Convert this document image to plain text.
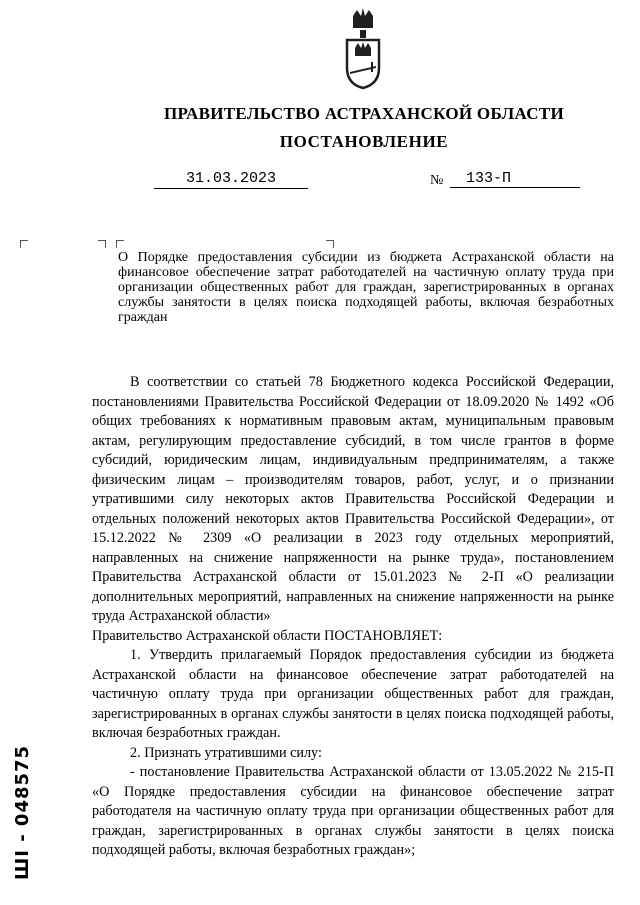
ПРАВИТЕЛЬСТВО АСТРАХАНСКОЙ ОБЛАСТИ
ПОСТАНОВЛЕНИЕ
31.03.2023	№	133-П
О Порядке предоставления субсидии из бюджета Астраханской области на финансовое обеспечение затрат работодателей на частичную оплату труда при организации общественных работ для граждан, зарегистрированных в органах службы занятости в целях поиска подходящей работы, включая безработных граждан

В соответствии со статьей 78 Бюджетного кодекса Российской Федерации, постановлениями Правительства Российской Федерации от 18.09.2020 № 1492 «Об общих требованиях к нормативным правовым актам, муниципальным правовым актам, регулирующим предоставление субсидий, в том числе грантов в форме субсидий, юридическим лицам, индивидуальным предпринимателям, а также физическим лицам – производителям товаров, работ, услуг, и о признании утратившими силу некоторых актов Правительства Российской Федерации и отдельных положений некоторых актов Правительства Российской Федерации», от 15.12.2022 № 2309 «О реализации в 2023 году отдельных мероприятий, направленных на снижение напряженности на рынке труда», постановлением Правительства Астраханской области от 15.01.2023 № 2-П «О реализации дополнительных мероприятий, направленных на снижение напряженности на рынке труда Астраханской области»

Правительство Астраханской области ПОСТАНОВЛЯЕТ:

1. Утвердить прилагаемый Порядок предоставления субсидии из бюджета Астраханской области на финансовое обеспечение затрат работодателей на частичную оплату труда при организации общественных работ для граждан, зарегистрированных в органах службы занятости в целях поиска подходящей работы, включая безработных граждан.

2. Признать утратившими силу:

- постановление Правительства Астраханской области от 13.05.2022 № 215-П «О Порядке предоставления субсидии на финансовое обеспечение затрат работодателя на частичную оплату труда при организации общественных работ для граждан, зарегистрированных в органах службы занятости в целях поиска подходящей работы, включая безработных граждан»;

ШI - 048575
